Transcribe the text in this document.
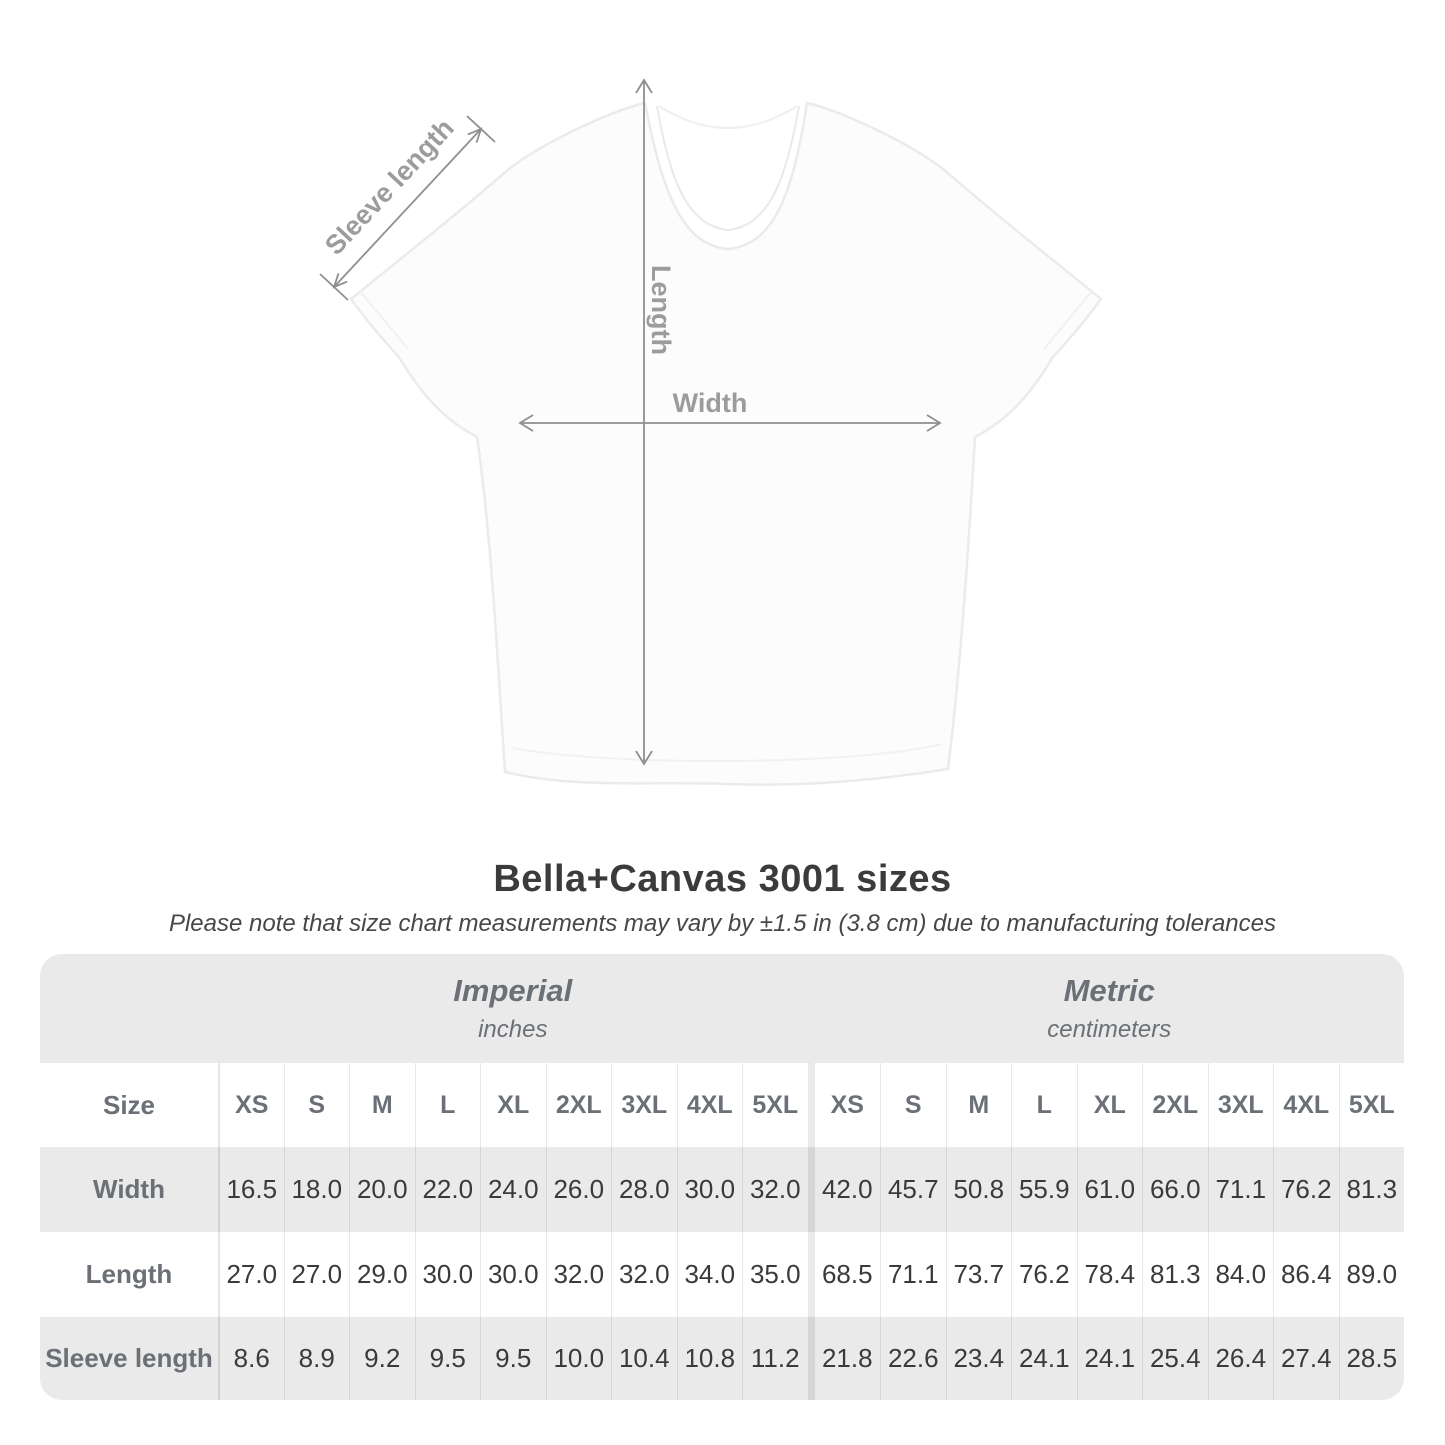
Sleeve length
Length
Width
Bella+Canvas 3001 sizes
Please note that size chart measurements may vary by ±1.5 in (3.8 cm) due to manufacturing tolerances
Imperial
inches
Metric
centimeters
Size	XS	S	M	L	XL	2XL 3XL 4XL 5XL	XS	S	M	L	XL	2XL 3XL 4XL 5XL
Width	16.5 18.0 20.0 22.0 24.0 26.0 28.0 30.0 32.0 42.0 45.7 50.8 55.9 61.0 66.0 71.1 76.2 81.3
Length	27.0 27.0 29.0 30.0 30.0 32.0 32.0 34.0 35.0 68.5 71.1 73.7 76.2 78.4 81.3 84.0 86.4 89.0
Sleeve length 8.6	8.9	9.2	9.5	9.5 10.0 10.4 10.8 11.2 21.8 22.6 23.4 24.1 24.1 25.4 26.4 27.4 28.5
